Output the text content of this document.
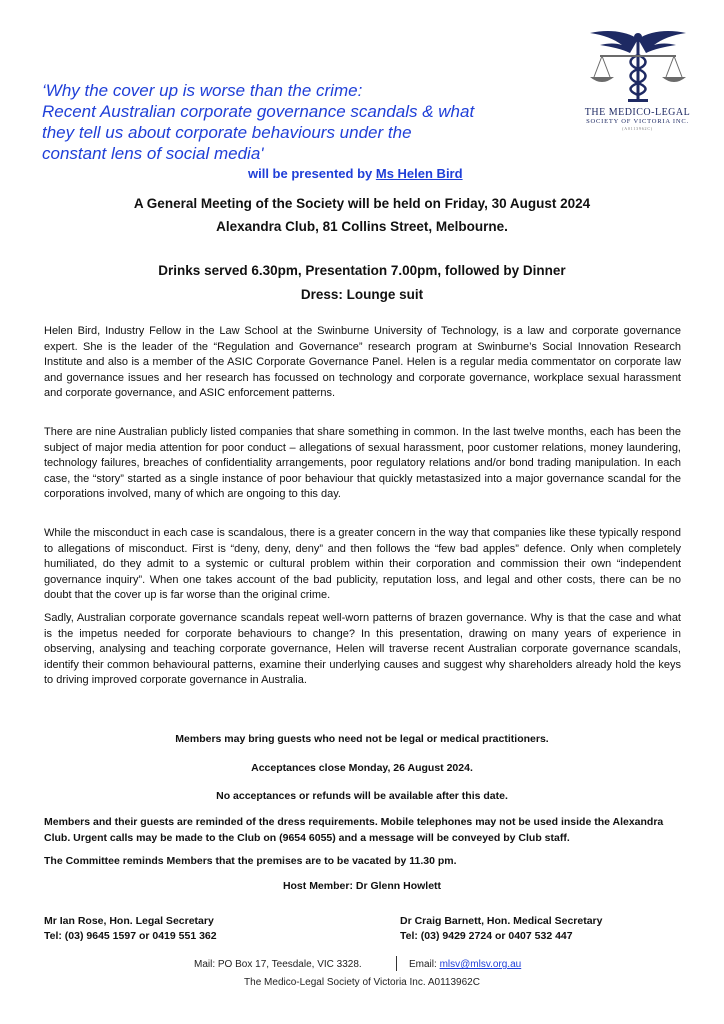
THE MEDICO-LEGAL
SOCIETY OF VICTORIA INC.
(A0113962C)
‘Why the cover up is worse than the crime:
Recent Australian corporate governance scandals & what
they tell us about corporate behaviours under the
constant lens of social media'
will be presented by Ms Helen Bird
A General Meeting of the Society will be held on Friday, 30 August 2024
Alexandra Club, 81 Collins Street, Melbourne.
Drinks served 6.30pm, Presentation 7.00pm, followed by Dinner
Dress: Lounge suit
Helen Bird, Industry Fellow in the Law School at the Swinburne University of Technology, is a law and corporate governance expert. She is the leader of the “Regulation and Governance” research program at Swinburne’s Social Innovation Research Institute and also is a member of the ASIC Corporate Governance Panel. Helen is a regular media commentator on corporate law and governance issues and her research has focussed on technology and corporate governance, workplace sexual harassment and corporate governance, and ASIC enforcement patterns.
There are nine Australian publicly listed companies that share something in common. In the last twelve months, each has been the subject of major media attention for poor conduct – allegations of sexual harassment, poor customer relations, money laundering, technology failures, breaches of confidentiality arrangements, poor regulatory relations and/or bond trading manipulation. In each case, the “story” started as a single instance of poor behaviour that quickly metastasized into a major governance scandal for the corporations involved, many of which are ongoing to this day.
While the misconduct in each case is scandalous, there is a greater concern in the way that companies like these typically respond to allegations of misconduct. First is “deny, deny, deny” and then follows the “few bad apples” defence. Only when completely humiliated, do they admit to a systemic or cultural problem within their corporation and commission their own “independent governance inquiry”. When one takes account of the bad publicity, reputation loss, and legal and other costs, there can be no doubt that the cover up is far worse than the original crime.
Sadly, Australian corporate governance scandals repeat well-worn patterns of brazen governance. Why is that the case and what is the impetus needed for corporate behaviours to change? In this presentation, drawing on many years of experience in observing, analysing and teaching corporate governance, Helen will traverse recent Australian corporate governance scandals, identify their common behavioural patterns, examine their underlying causes and suggest why shareholders already hold the keys to driving improved corporate governance in Australia.
Members may bring guests who need not be legal or medical practitioners.
Acceptances close Monday, 26 August 2024.
No acceptances or refunds will be available after this date.
Members and their guests are reminded of the dress requirements. Mobile telephones may not be used inside the Alexandra Club. Urgent calls may be made to the Club on (9654 6055) and a message will be conveyed by Club staff.
The Committee reminds Members that the premises are to be vacated by 11.30 pm.
Host Member: Dr Glenn Howlett
Mr Ian Rose, Hon. Legal Secretary
Tel: (03) 9645 1597 or 0419 551 362
Dr Craig Barnett, Hon. Medical Secretary
Tel: (03) 9429 2724 or 0407 532 447
Mail: PO Box 17, Teesdale, VIC 3328.	Email: mlsv@mlsv.org.au
The Medico-Legal Society of Victoria Inc. A0113962C
